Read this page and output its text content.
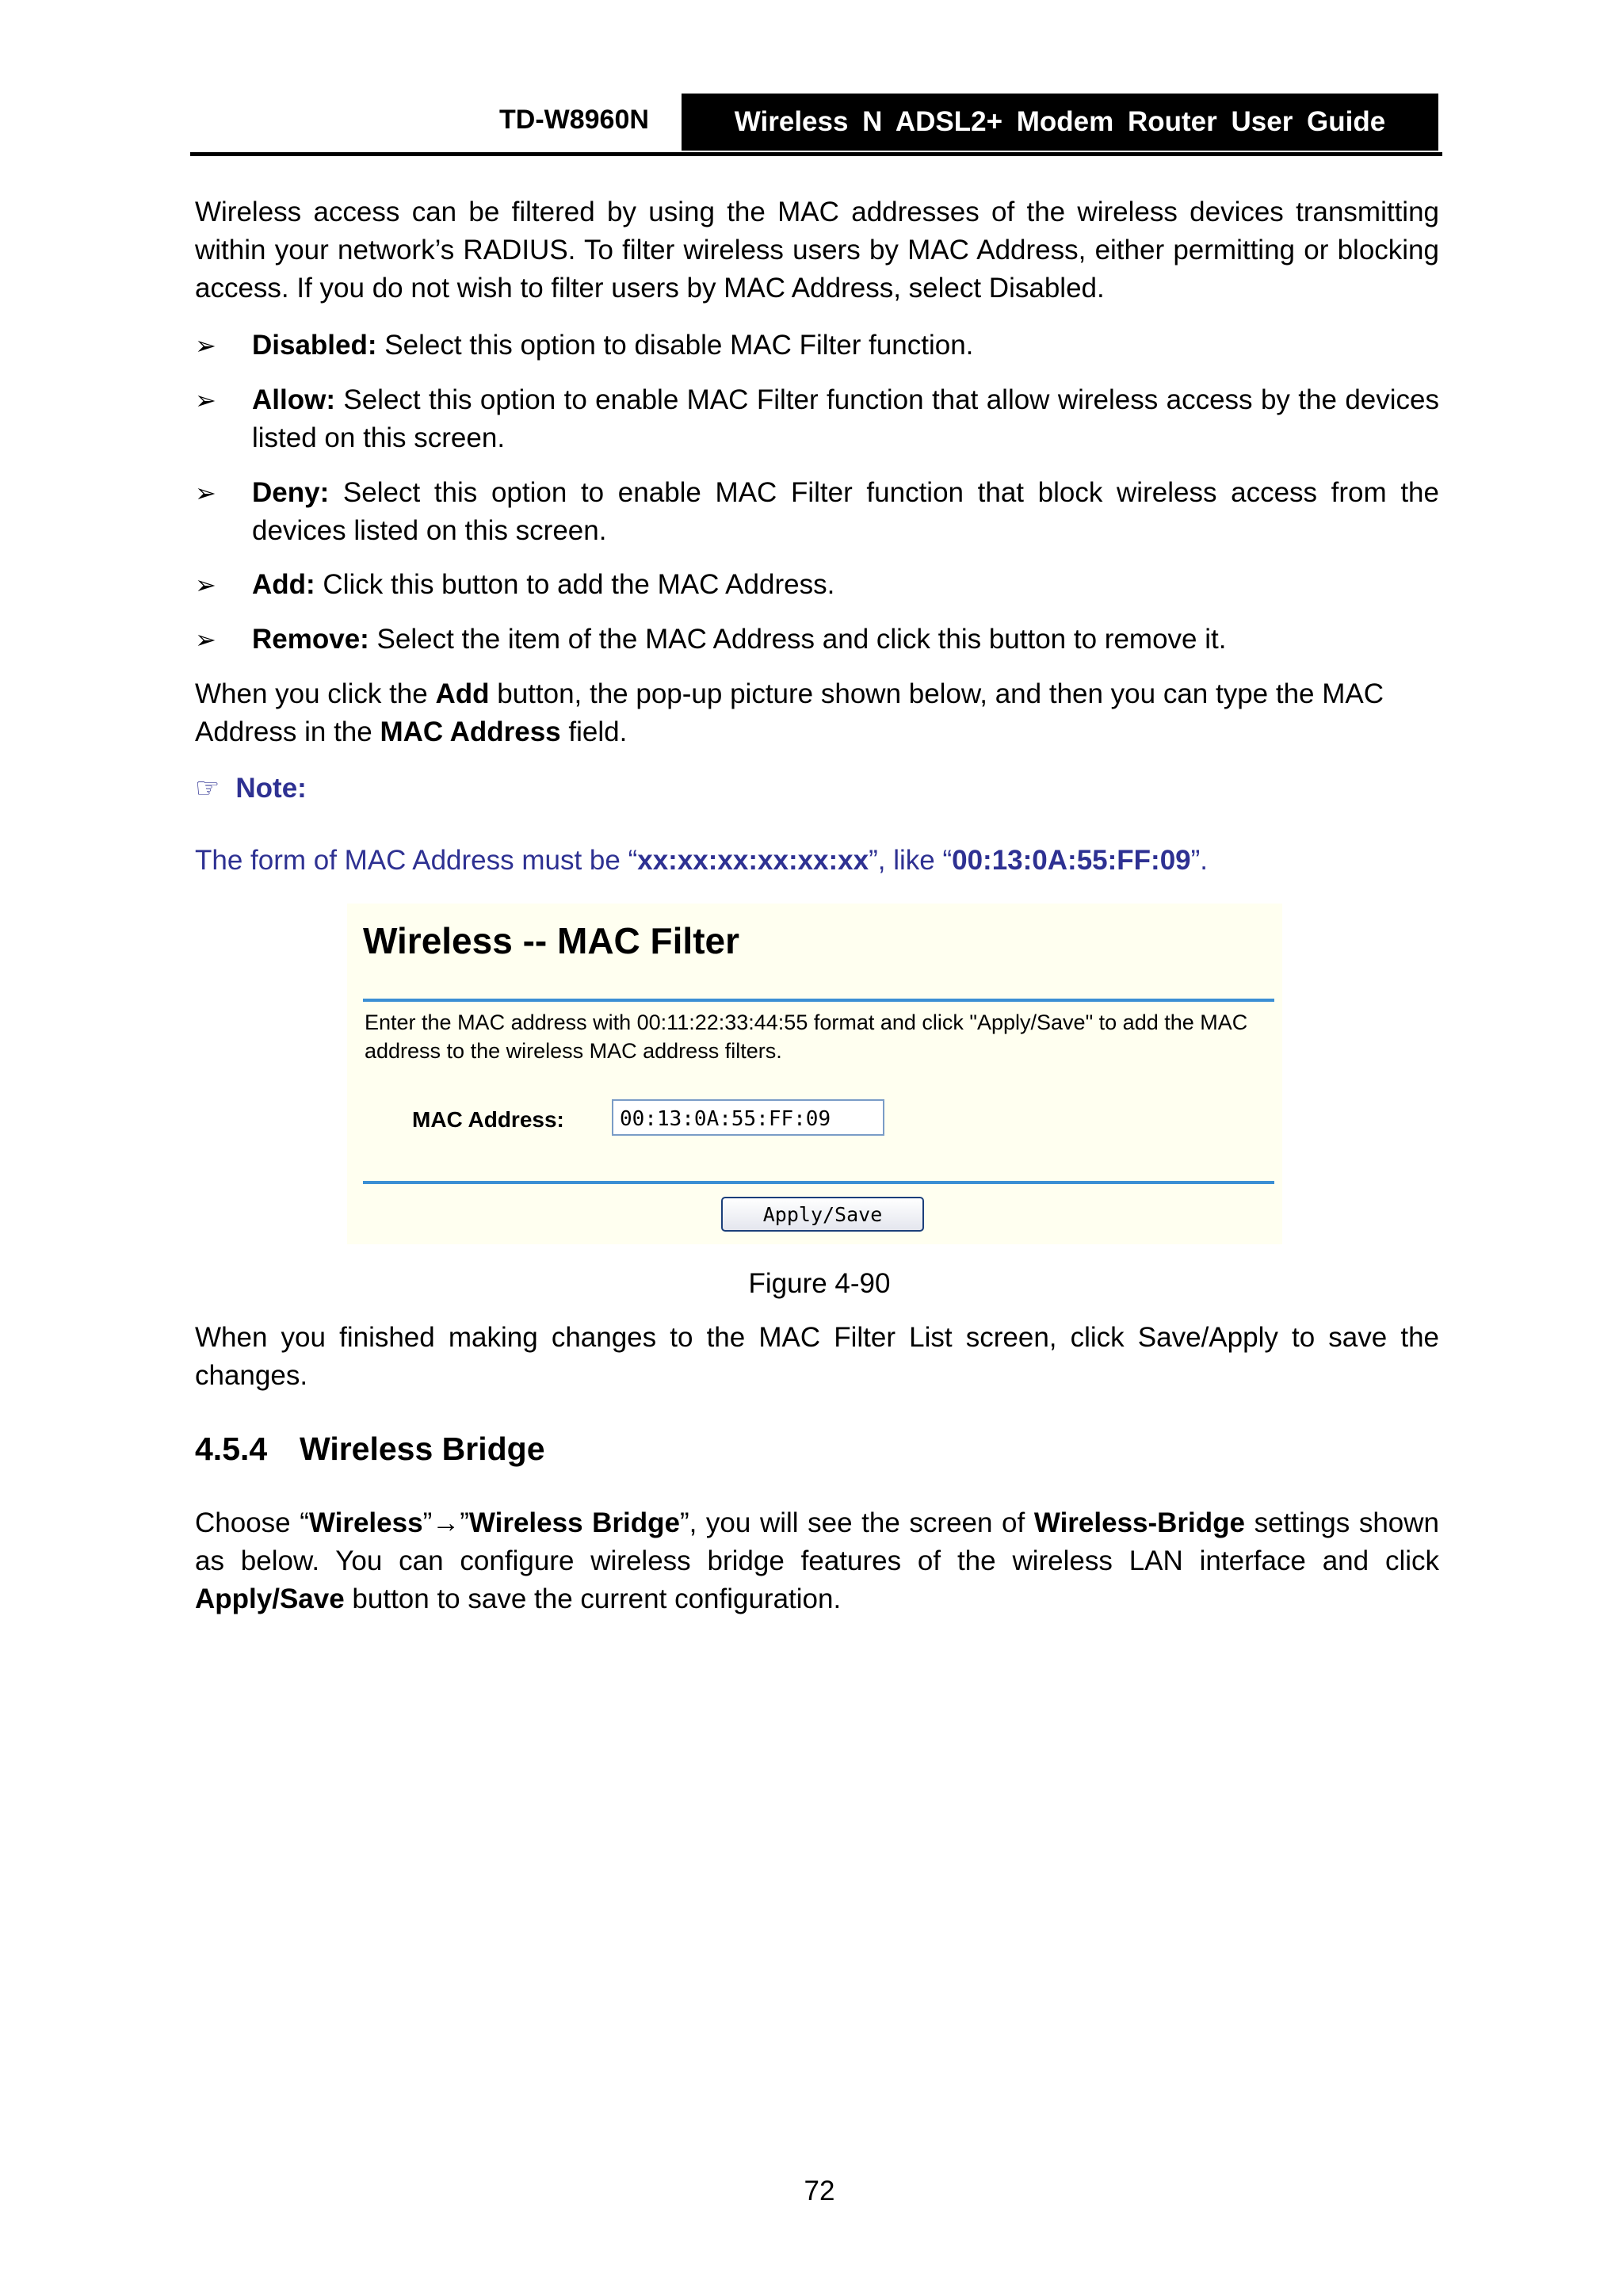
TD-W8960N	Wireless N ADSL2+ Modem Router User Guide
Wireless access can be filtered by using the MAC addresses of the wireless devices transmitting within your network’s RADIUS. To filter wireless users by MAC Address, either permitting or blocking access. If you do not wish to filter users by MAC Address, select Disabled.
➢ Disabled: Select this option to disable MAC Filter function.
➢ Allow: Select this option to enable MAC Filter function that allow wireless access by the devices listed on this screen.
➢ Deny: Select this option to enable MAC Filter function that block wireless access from the devices listed on this screen.
➢ Add: Click this button to add the MAC Address.
➢ Remove: Select the item of the MAC Address and click this button to remove it.
When you click the Add button, the pop-up picture shown below, and then you can type the MAC Address in the MAC Address field.
☞ Note:
The form of MAC Address must be “xx:xx:xx:xx:xx:xx”, like “00:13:0A:55:FF:09”.
Wireless -- MAC Filter
Enter the MAC address with 00:11:22:33:44:55 format and click "Apply/Save" to add the MAC address to the wireless MAC address filters.
MAC Address:	00:13:0A:55:FF:09
Apply/Save
Figure 4-90
When you finished making changes to the MAC Filter List screen, click Save/Apply to save the changes.
4.5.4 Wireless Bridge
Choose “Wireless”→”Wireless Bridge”, you will see the screen of Wireless-Bridge settings shown as below. You can configure wireless bridge features of the wireless LAN interface and click Apply/Save button to save the current configuration.
72
